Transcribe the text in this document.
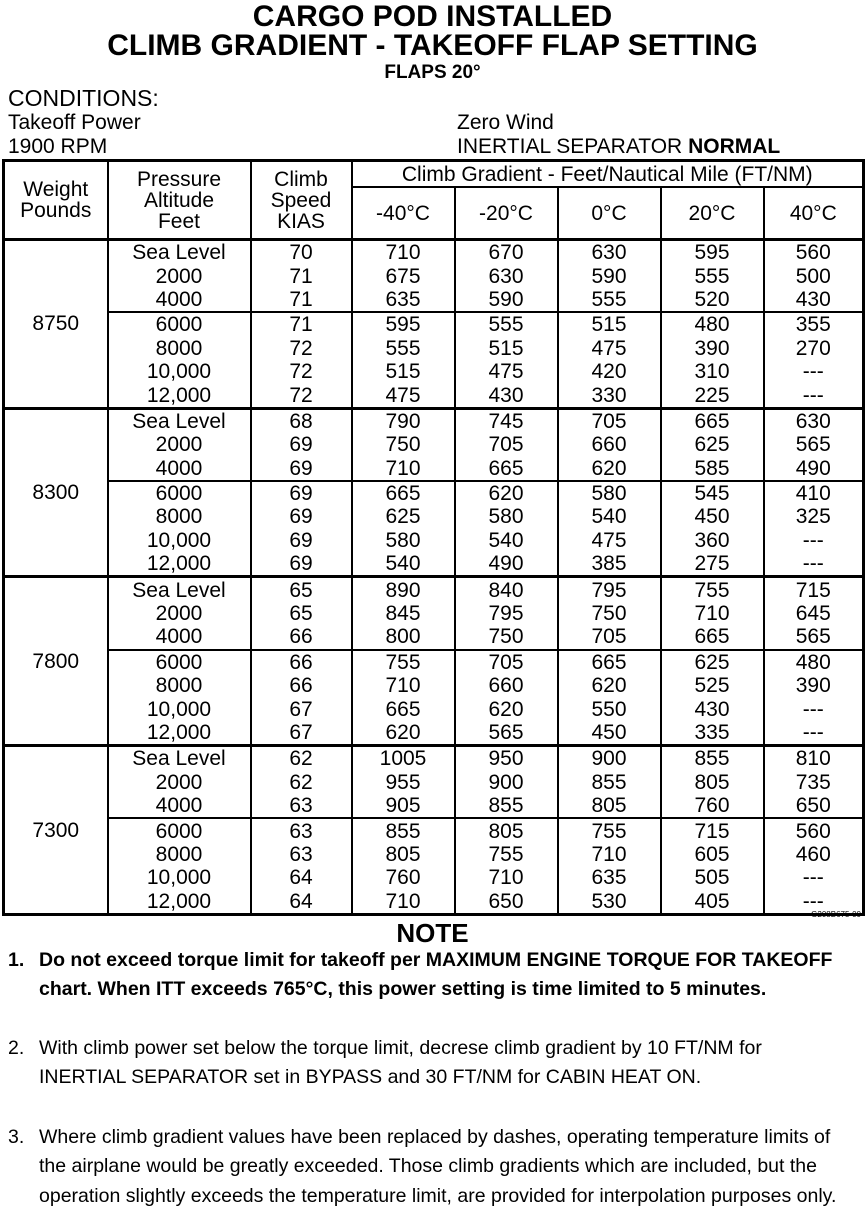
CARGO POD INSTALLED
CLIMB GRADIENT - TAKEOFF FLAP SETTING
FLAPS 20°
CONDITIONS:
Takeoff Power
1900 RPM
Zero Wind
INERTIAL SEPARATOR NORMAL
Weight Pounds	Pressure Altitude Feet	Climb Speed KIAS	Climb Gradient - Feet/Nautical Mile (FT/NM)				
			-40°C	-20°C	0°C	20°C	40°C
8750	Sea Level	70	710	670	630	595	560
	2000	71	675	630	590	555	500
	4000	71	635	590	555	520	430
	6000	71	595	555	515	480	355
	8000	72	555	515	475	390	270
	10,000	72	515	475	420	310	---
	12,000	72	475	430	330	225	---
8300	Sea Level	68	790	745	705	665	630
	2000	69	750	705	660	625	565
	4000	69	710	665	620	585	490
	6000	69	665	620	580	545	410
	8000	69	625	580	540	450	325
	10,000	69	580	540	475	360	---
	12,000	69	540	490	385	275	---
7800	Sea Level	65	890	840	795	755	715
	2000	65	845	795	750	710	645
	4000	66	800	750	705	665	565
	6000	66	755	705	665	625	480
	8000	66	710	660	620	525	390
	10,000	67	665	620	550	430	---
	12,000	67	620	565	450	335	---
7300	Sea Level	62	1005	950	900	855	810
	2000	62	955	900	855	805	735
	4000	63	905	855	805	760	650
	6000	63	855	805	755	715	560
	8000	63	805	755	710	605	460
	10,000	64	760	710	635	505	---
	12,000	64	710	650	530	405	---
G208B675-00
NOTE
1. Do not exceed torque limit for takeoff per MAXIMUM ENGINE TORQUE FOR TAKEOFF chart. When ITT exceeds 765°C, this power setting is time limited to 5 minutes.
2. With climb power set below the torque limit, decrese climb gradient by 10 FT/NM for INERTIAL SEPARATOR set in BYPASS and 30 FT/NM for CABIN HEAT ON.
3. Where climb gradient values have been replaced by dashes, operating temperature limits of the airplane would be greatly exceeded. Those climb gradients which are included, but the operation slightly exceeds the temperature limit, are provided for interpolation purposes only.
